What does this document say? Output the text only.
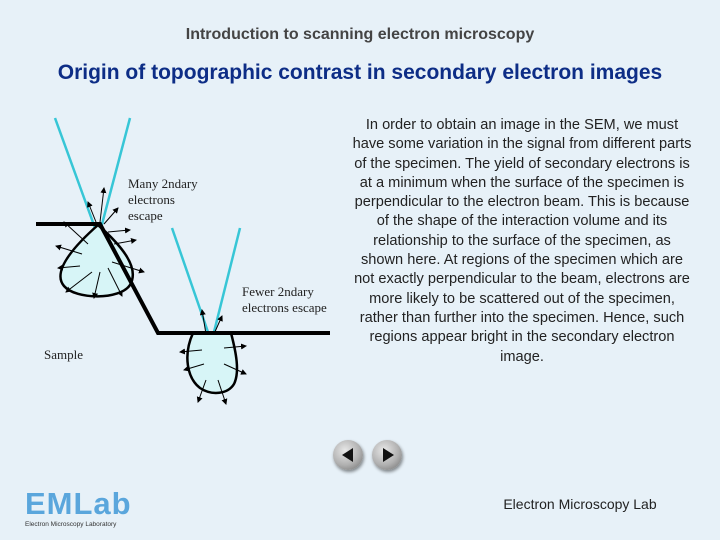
Introduction to scanning electron microscopy
Origin of topographic contrast in secondary electron images
Many 2ndary
electrons
escape
Fewer 2ndary
electrons escape
Sample
In order to obtain an image in the SEM, we must have some variation in the signal from different parts of the specimen. The yield of secondary electrons is at a minimum when the surface of the specimen is perpendicular to the electron beam. This is because of the shape of the interaction volume and its relationship to the surface of the specimen, as shown here. At regions of the specimen which are not exactly perpendicular to the beam, electrons are more likely to be scattered out of the specimen, rather than further into the specimen. Hence, such regions appear bright in the secondary electron image.
EMLab
Electron Microscopy Laboratory
Electron Microscopy Lab
